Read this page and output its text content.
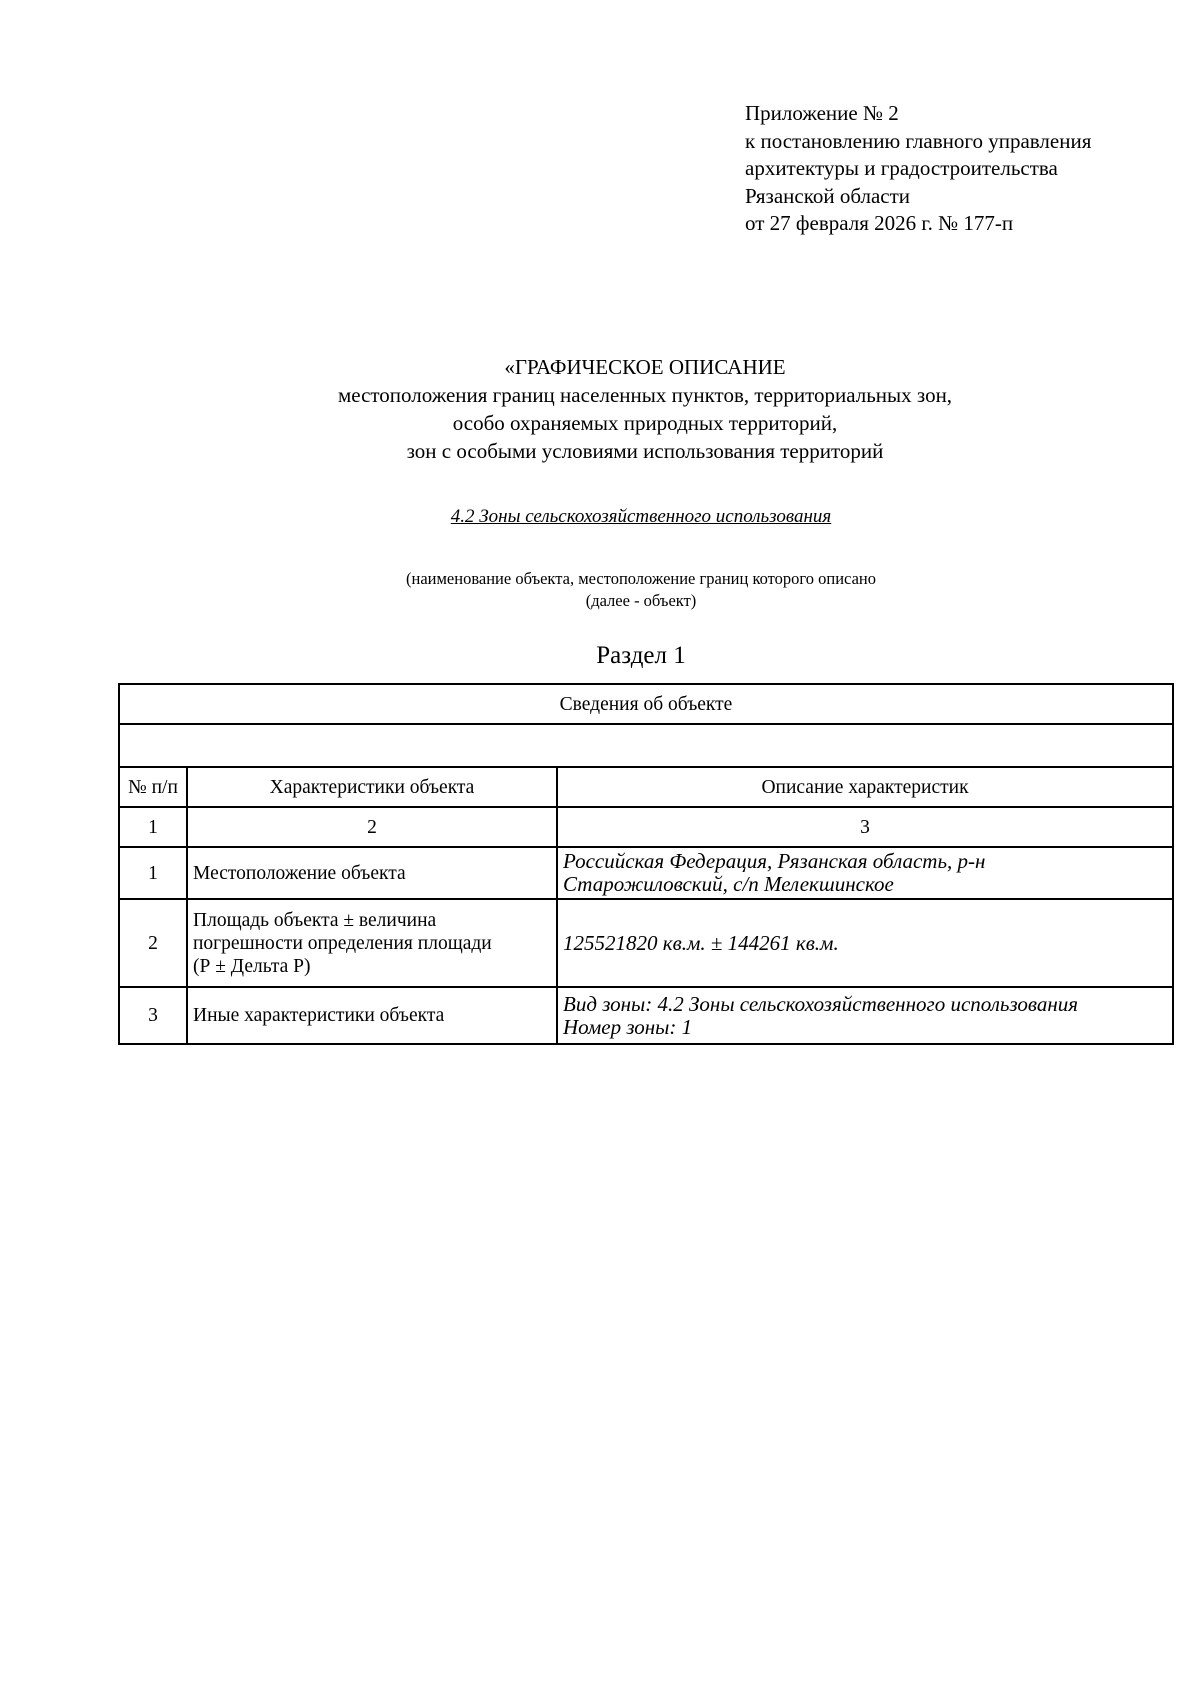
Приложение № 2
к постановлению главного управления
архитектуры и градостроительства
Рязанской области
от 27 февраля 2026 г. № 177-п
«ГРАФИЧЕСКОЕ ОПИСАНИЕ
местоположения границ населенных пунктов, территориальных зон,
особо охраняемых природных территорий,
зон с особыми условиями использования территорий
4.2 Зоны сельскохозяйственного использования
(наименование объекта, местоположение границ которого описано
(далее - объект)
Раздел 1
Сведения об объекте		

№ п/п	Характеристики объекта	Описание характеристик
1	2	3
1	Местоположение объекта	Российская Федерация, Рязанская область, р-н
Старожиловский, с/п Мелекшинское

2	Площадь объекта ± величина
погрешности определения площади
(Р ± Дельта Р)	125521820 кв.м. ± 144261 кв.м.

3	Иные характеристики объекта	Вид зоны: 4.2 Зоны сельскохозяйственного использования
Номер зоны: 1
